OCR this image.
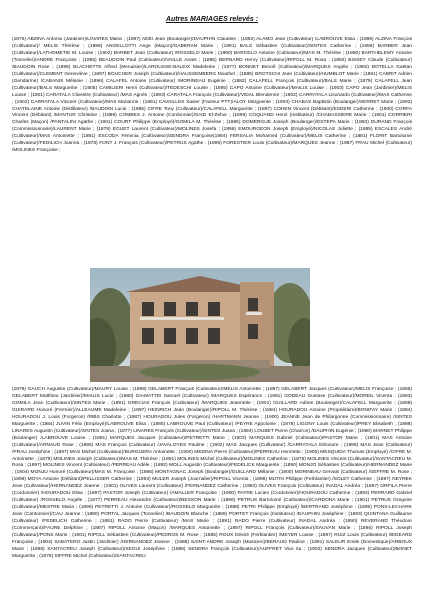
Autres MARIAGES relevés :
(1876) ABZINA Antonio (Jardinier)/LINARES Maria ; (1897) AEBI Jean (Boulanger)/DAUPHIN Claudine ; (1892) ALAMO Jean (Cultivateur) /LABROUVE Elisa ; (1888) ALZINA François (Cultivateur)/ MELIS Thérèse ; (1898) ANGELLOTTI Ange (Maçon)/GABERAN Marie ; (1891) BALS Sébastien (Cultivateur)/SINTES Catherine ; (1896) BARBER Jean (Cultivateur)/LATHOMETIE M. Louise ; (1902) BARBET Jean (Cultivateur) /ROSSELO Marie ; (1890) BARCELO Antoine (Cultivateur)/MAS M. Thérèse ; (1880) BARTHELEMY Antoine (Tonnelier)/ANDRE Françoise ; (1895) BEAUDOIN Paul (Cultivateur)/VAILLE Anaïs ; (1885) BERNARD Henry (Cultivateur)/RIPOLL M. Rosa ; (1892) BISSEY Claude (Cultivateur) /BAUDOIN Rose ; (1899) BLACHETTE Alfred (Menuisier)/LAROUSSE-BALEIX Madeleine ; (1877) BONNET Benoît (Cultivateur)/MARQUES Angèle ; (1882) BOTELLA Gaëtan (Cultivateur)/CLEMENT Geneviève ; (1897) BOUCHER Joseph (Cultivateur)/HAUSSEMBERG Mouthel ; (1885) BROTSCHI Jean (Cultivateur)/HUMBLOT Marie ; (1891) CABRIT Adrien (Gendarme) /CABANIS Mélanie ; (1896) CALAFEL Antoine (Cultivateur) /MORINEAU Eugénie ; (1882) CALAFELL François (Cultivateur)/BALS Marie ; (1879) CALAFELL Jean (Cultivateur)/BALS Marguerite ; (1905) CAMILIERI Henri (Cultivateur)/TEDESCHI Louise ; (1895) CAPO Antoine (Cultivateur)/MAILIS Louise ; (1903) CAPO Jean (Jardinier)/MELIS Louise ; (1901) CARATALA Clivestre (Cultivateur) /MAS Agnès ; (1893) CARATALA François (Cultivateur)/VIDAL Blendenne ; (1902) CARRATALA Lisonardo (Cultivateur)/MAS Catherine ; (1902) CARRATALA Vincent (Cultivateur)/MAS Marianne ; (1891) CAVAILLES Xavier (Facteur PTT)/ALOY Marguerite ; (1903) CHABAS Baptistin (Boulanger)/SERRET Marie ; (1892) CHATELAINE Antoine (Distillateur) /BAUDOIN Lucie ; (1885) CIFRE Tony (Cultivateur)/CALAFELL Marguerite ; (1897) COHEN Vincent (Débitant)/ESDERI Catherine ; (1900) CORFA Vincent (Débitant) /MANTUR Christine ; (1889) COMBES J. Antoine (Cordonnier)/SAID El-Zehor ; (1899) COQUAND Henri (Instituteur) /CHABASSIERE Marie ; (1901) CORRIERI Charles (Maçon) /PANTALINI Agathe ; (1901) COURT Philippe (Employé)/GOMILA M. Thérèse ; (1885) DOMERGUE Joseph (Boulanger)/ESTEPA Marie ; (1883) DURAND François (Commissionnaire)/LAURENT Marie ; (1878) EGUET Laurent (Cultivateur)/MOLINES Josefa ; (1898) EMOURGEON Joseph (Employé)/NICOLAS Juliette ; (1885) ESCALES André (Cultivateur)/MAS Antoinette ; (1881) ESCODA Féminia (Cultivateur)/SENDRA Françoise(1884) FERSALIA Mohamed (Cultivateur)/MELIS Catherine ; (1881) FLORIT Bartolomé (Cultivateur)/FEDILICH Joanna ; (1878) FONT J. François (Cultivateur)/PETRUS Agathe ; (1895) FORESTIER Louis (Cultivateur)/MARQUES Jeanne ; (1887) FRAU Michel (Cultivateur) /MOLINES Françoise ;
(1878) GAUCH Augustin (Cultivateur)/MAURY Louise ; (1898) GELABERT François (Cultivateur)/MELIS Antoinette ; (1897) GELABERT Jacques (Cultivateur)/MELIS Françoise ; (1895) GELABERT Matthieu (Jardinier)/MAILIS Lucie ; (1880) GIAMATTEI Samuel (Cultivateur) /MARQUES Espérance ; (1881) GODEAU Gustave (Cultivateur)/MOREIL Vicenta ; (1883) GOMILA Jean (Cultivateur)/SINTES Marie ; (1891) GRECIAS François (Cultivateur) /MARQUES Jeannette ; (1901) GUILLARD Adrien (Boulanger)/CALAFELL Marguerite ; (1898) GUIRARD Honoré (Fermier)/ALLEAUME Madeleine ; (1897) HEINRICH Jean (Boulanger)/RIPOLL M. Thérèse ; (1884) HOURADOU Antoine (Propriétaire)/BONIFAY Marie ; (1894) HOURADOU J. Louis (Forgeron) /RIBS Charlotte ; (1887) HOURADOU Jules (Forgeron) /HARTMANN Jeanne ; (1900) JEANNE Jean de Philargonne (Commissionnaire) /SINTES Marguerite ; (1884) JUVIN Félix (Employé)/LABROUVE Elisa ; (1885) LABROUVE Paul (Cultivateur) /PEYRE Appolonie ; (1878) LIGONY Louis (Cultivateur)/PREY Elisabeth ; (1888) LINARES Augustin (Cultivateur)/SINTES Joana ; (1877) LINARES François (Cultivateur)/SINTES Juana ; (1884) LOUBET Pierre (Charron) /DAUPHIN Eugénie ; (1880) MARNET Philippe (Boulanger) /LABROUVE Louise ; (1881) MARQUES Jacques (Cultivateur)/PETRETTI Marie ; (1903) MARQUES Gabriel (Cultivateur)/PASTOR Marie ; (1901) MAS Antoine (Cultivateur)/ARNAUD Rose ; (1895) MAS François (Cultivateur) /JAVALOYES Pauline ; (1902) MAS Jacques (Cultivateur) /CARRATALA Eléonore ; (1896) MAS Jean (Cultivateur) /PRAU Joséphine ; (1897) MAS Michel (Cultivateur)/BURGUERA Antoinette ; (1900) MEDINA Pierre (Cultivateur)/PERREAU Henriette ; (1905) MESQUIDA Thomas (Employé) /CIFRE M. Antoinette ; (1878) MOLINES Joseph (Cultivateur)/MAS M. Thérèse ; (1891) MOLINES Michel (Cultivateur)/MOLINES Catherine ; (1876) MOLINES Vincent (Cultivateur)/SANTACREU M. Rosa ; (1897) MOLINES Vincent (Cultivateur) /PERREAU Adèle ; (1892) MOLL Augustin (Cultivateur)/FEDELICK Marguerite ; (1890) MONJO Sébastien (Cultivateur)/HERNANDEZ Marie ; (1904) MONJU Honoré (Cultivateur)/MAS M. Françoise ; (1896) MONTAGNAC Joseph (Boulanger)/GUILLARD Mélanie ; (1900) MORINEAU Gervais (Cultivateur) /SEFFRE M. Rose ; (1896) MOYA Antoine (Débitant)/PELLISSER Catherine ; (1893) MULER Joseph (Journalier)/RIPOLL Vicenta ; (1898) MUTIN Philippe (Ferblantier) /SOLET Catherine ; (1897) NEYREK Jean (Cultivateur)/HERNANDEZ Jeanne ; (1901) OLIVES Laurent (Cultivateur) /FERNANDEZ Catherine ; (1883) OLIVES François (Cultivateur) /NADAL Andréa ; (1897) ORFILA Pierre (Cordonnier) /HOURADOU Elisa ; (1897) PASTOR Joseph (Cultivateur) /AMALLER Françoise ; (1900) PAYRE Lucien (Cordonnier)/HOURADOU Catherine ; (1893) PERRARD Gabriel (Cultivateur) /ROSSELO Angèle ; (1877) PERREAU Alexandre (Cultivateur)/BESSON Marie ; (1896) PETRUS Bartolomé (Cultivateur)/CARDONA Marie ; (1901) PETRUS Gregoire (Cultivateur)/MESTRE Maria ; (1899) PETRETTI J. Antoine (Cultivateur)/ROSSELO Marguerite ; (1888) PETRI Philippe (Employé) /BERTRAND Joséphine ; (1896) PONS-LECHARK Jean (Cantonnier)/CAU Jeanne ; (1880) PORTAL Jacques (Tonnelier) /BAUDOIN Blanche ; (1889) PORTET François (Instituteur) /DAUPHIN Joséphine ; (1893) QUINTANA Guillaume (Cultivateur) /FEDELICH Catherine ; (1881) RADO Pierre (Cultivateur) /MAS Marie ; (1891) RADO Pierre (Cultivateur) /NADAL Andréa ; (1890) REVERAND Théodore (Commerçant)/FAURE Delphine ; (1887) RIPOLL Antoine (Maçon) /MARQUES Antoinette ; (1897) RIPOLL François (Cultivateur)/SAUVAN Marie ; (1895) RIPOLL Joseph (Cultivateur)/PONS Marie ; (1901) RIPOLL Sébastien (Cultivateur)/PEDROS M. Rose ; (1885) ROUX Désiré (Ferblantier) /MEYER Louise ; (1897) RUIZ Louis (Cultivateur) /BIGEARD Françoise ; (1904) SABATERO Justin (Jardinier) /HERNANDEZ Jeanne ; (1888) SAINT-ANDRE Joseph (Musicien)/BERAUD Pauline ; (1891) SALEUR Emile (Domestique)/ARBOUX Marie ; (1898) SANTACREU Joseph (Cultivateur)/SEGUI Joséphine ; (1886) SENDRA François (Cultivateur)/AUFFRET Vice ita ; (1902) SENDRA Jacques (Cultivateur)/BONET Marguerite ; (1876) SIFFRE Michel (Cultivateur)/SANTACREU
